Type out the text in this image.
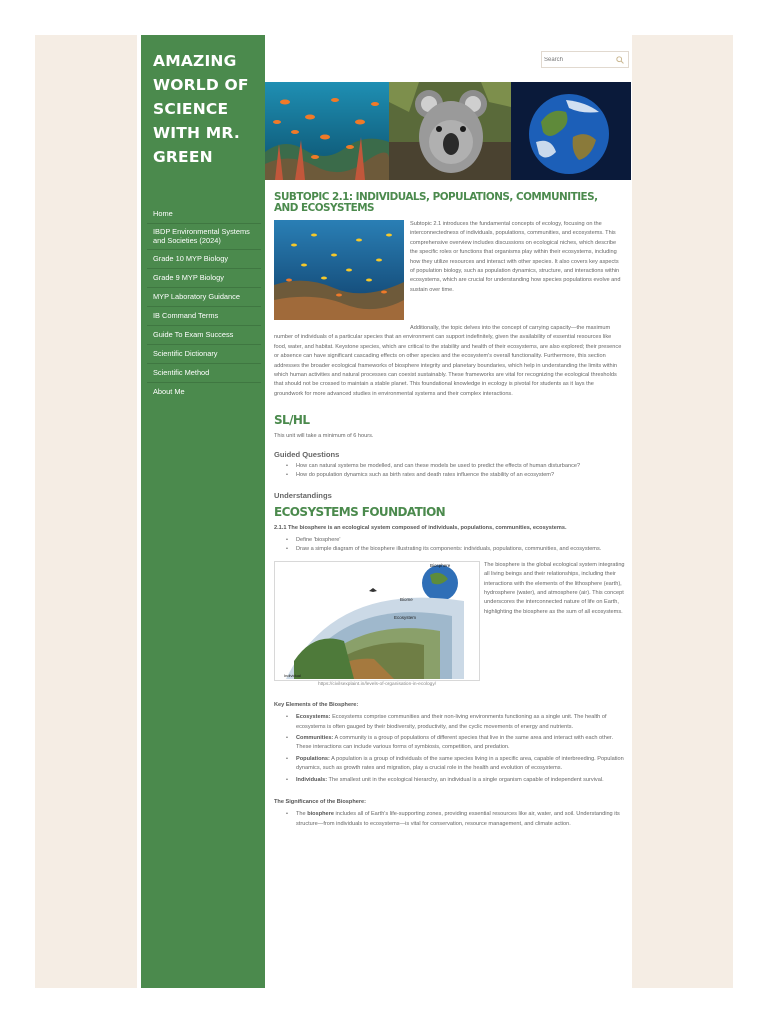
AMAZING WORLD OF SCIENCE WITH MR. GREEN
Home
IBDP Environmental Systems and Societies (2024)
Grade 10 MYP Biology
Grade 9 MYP Biology
MYP Laboratory Guidance
IB Command Terms
Guide To Exam Success
Scientific Dictionary
Scientific Method
About Me
Search
SUBTOPIC 2.1: INDIVIDUALS, POPULATIONS, COMMUNITIES, AND ECOSYSTEMS

Subtopic 2.1 introduces the fundamental concepts of ecology, focusing on the interconnectedness of individuals, populations, communities, and ecosystems. This comprehensive overview includes discussions on ecological niches, which describe the specific roles or functions that organisms play within their ecosystems, including how they utilize resources and interact with other species. It also covers key aspects of population biology, such as population dynamics, structure, and interactions within ecosystems, which are crucial for understanding how species populations evolve and sustain over time.

Additionally, the topic delves into the concept of carrying capacity—the maximum number of individuals of a particular species that an environment can support indefinitely, given the availability of essential resources like food, water, and habitat. Keystone species, which are critical to the stability and health of their ecosystems, are also explored; their presence or absence can have significant cascading effects on other species and the ecosystem's overall functionality. Furthermore, this section addresses the broader ecological frameworks of biosphere integrity and planetary boundaries, which help in understanding the limits within which human activities and natural processes can coexist sustainably. These frameworks are vital for recognizing the ecological thresholds that should not be crossed to maintain a stable planet. This foundational knowledge in ecology is pivotal for students as it lays the groundwork for more advanced studies in environmental systems and their complex interactions.

SL/HL

This unit will take a minimum of 6 hours.

Guided Questions
• How can natural systems be modelled, and can these models be used to predict the effects of human disturbance?
• How do population dynamics such as birth rates and death rates influence the stability of an ecosystem?
Understandings
ECOSYSTEMS FOUNDATION

2.1.1 The biosphere is an ecological system composed of individuals, populations, communities, ecosystems.

• Define 'biosphere'
• Draw a simple diagram of the biosphere illustrating its components: individuals, populations, communities, and ecosystems.
Biosphere
Biome
Ecosystem
Individual

https://civilsexplaint.in/levels-of-organisation-in-ecology/

The biosphere is the global ecological system integrating all living beings and their relationships, including their interactions with the elements of the lithosphere (earth), hydrosphere (water), and atmosphere (air). This concept underscores the interconnected nature of life on Earth, highlighting the biosphere as the sum of all ecosystems.

Key Elements of the Biosphere:

• Ecosystems: Ecosystems comprise communities and their non-living environments functioning as a single unit. The health of ecosystems is often gauged by their biodiversity, productivity, and the cyclic movements of energy and nutrients.
• Communities: A community is a group of populations of different species that live in the same area and interact with each other. These interactions can include various forms of symbiosis, competition, and predation.
• Populations: A population is a group of individuals of the same species living in a specific area, capable of interbreeding. Population dynamics, such as growth rates and migration, play a crucial role in the health and evolution of ecosystems.
• Individuals: The smallest unit in the ecological hierarchy, an individual is a single organism capable of independent survival.

The Significance of the Biosphere:

• The biosphere includes all of Earth's life-supporting zones, providing essential resources like air, water, and soil. Understanding its structure—from individuals to ecosystems—is vital for conservation, resource management, and climate action.
